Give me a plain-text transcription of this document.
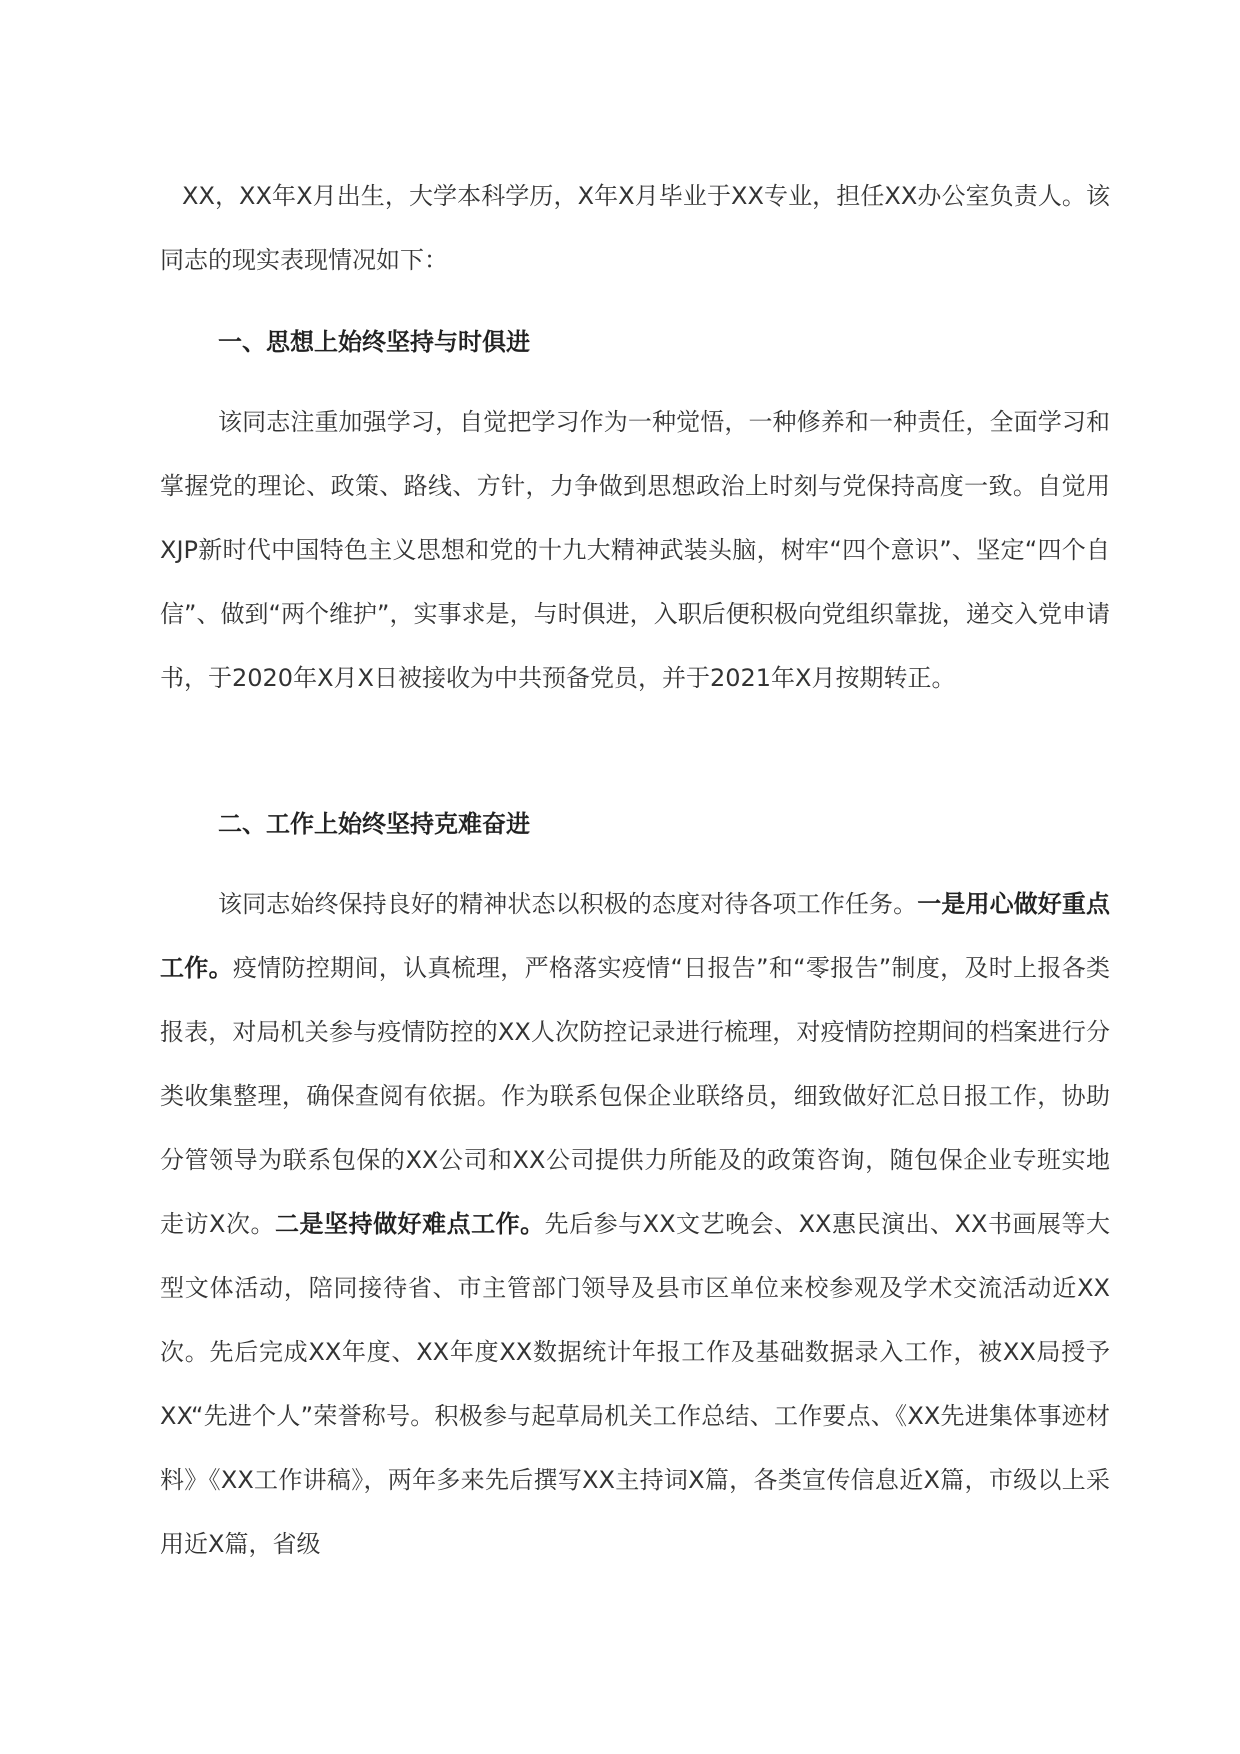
XX，XX年X月出生，大学本科学历，X年X月毕业于XX专业，担任XX办公室负责人。该同志的现实表现情况如下：

一、思想上始终坚持与时俱进

该同志注重加强学习，自觉把学习作为一种觉悟，一种修养和一种责任，全面学习和掌握党的理论、政策、路线、方针，力争做到思想政治上时刻与党保持高度一致。自觉用XJP新时代中国特色主义思想和党的十九大精神武装头脑，树牢“四个意识”、坚定“四个自信”、做到“两个维护”，实事求是，与时俱进，入职后便积极向党组织靠拢，递交入党申请书，于2020年X月X日被接收为中共预备党员，并于2021年X月按期转正。

二、工作上始终坚持克难奋进

该同志始终保持良好的精神状态以积极的态度对待各项工作任务。一是用心做好重点工作。疫情防控期间，认真梳理，严格落实疫情“日报告”和“零报告”制度，及时上报各类报表，对局机关参与疫情防控的XX人次防控记录进行梳理，对疫情防控期间的档案进行分类收集整理，确保查阅有依据。作为联系包保企业联络员，细致做好汇总日报工作，协助分管领导为联系包保的XX公司和XX公司提供力所能及的政策咨询，随包保企业专班实地走访X次。二是坚持做好难点工作。先后参与XX文艺晚会、XX惠民演出、XX书画展等大型文体活动，陪同接待省、市主管部门领导及县市区单位来校参观及学术交流活动近XX次。先后完成XX年度、XX年度XX数据统计年报工作及基础数据录入工作，被XX局授予XX“先进个人”荣誉称号。积极参与起草局机关工作总结、工作要点、《XX先进集体事迹材料》《XX工作讲稿》，两年多来先后撰写XX主持词X篇，各类宣传信息近X篇，市级以上采用近X篇，省级
